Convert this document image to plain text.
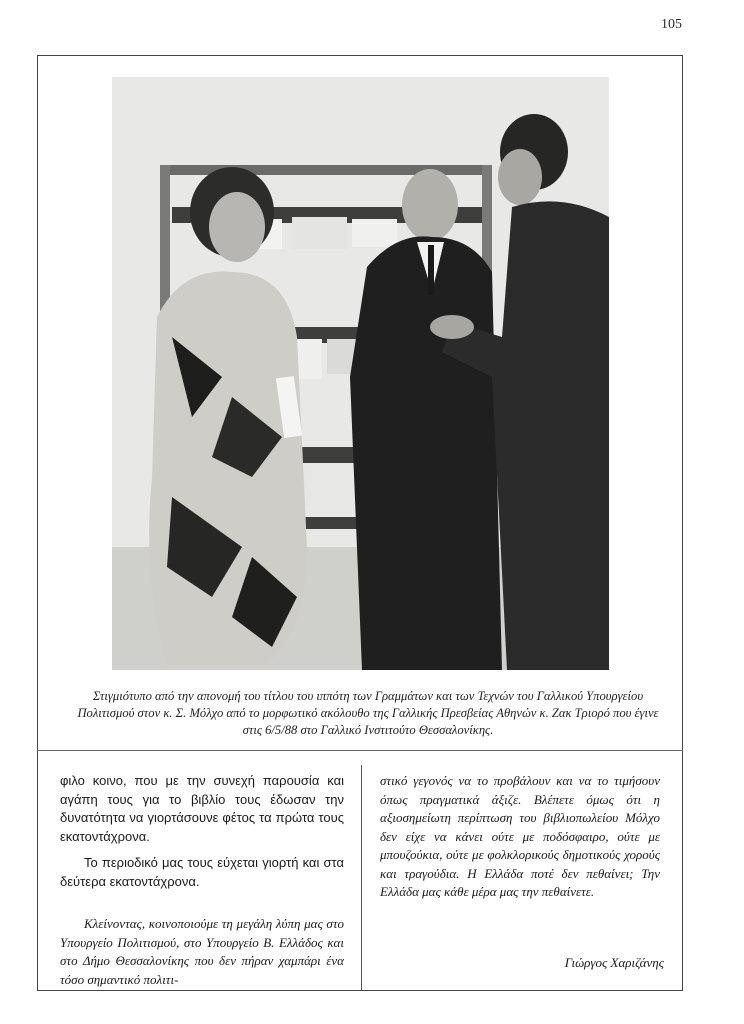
105
Στιγμιότυπο από την απονομή του τίτλου του ιππότη των Γραμμάτων και των Τεχνών του Γαλλικού Υπουργείου Πολιτισμού στον κ. Σ. Μόλχο από το μορφωτικό ακόλουθο της Γαλλικής Πρεσβείας Αθηνών κ. Ζακ Τριορό που έγινε στις 6/5/88 στο Γαλλικό Ινστιτούτο Θεσσαλονίκης.

φιλο κοινο, που με την συνεχή παρουσία και αγάπη τους για το βιβλίο τους έδωσαν την δυνατότητα να γιορτάσουνε φέτος τα πρώτα τους εκατοντάχρονα.

Το περιοδικό μας τους εύχεται γιορτή και στα δεύτερα εκατοντάχρονα.

Κλείνοντας, κοινοποιούμε τη μεγάλη λύπη μας στο Υπουργείο Πολιτισμού, στο Υπουργείο Β. Ελλάδος και στο Δήμο Θεσσαλονίκης που δεν πήραν χαμπάρι ένα τόσο σημαντικό πολιτι-

στικό γεγονός να το προβάλουν και να το τιμήσουν όπως πραγματικά άξιζε. Βλέπετε όμως ότι η αξιοσημείωτη περίπτωση του βιβλιοπωλείου Μόλχο δεν είχε να κάνει ούτε με ποδόσφαιρο, ούτε με μπουζούκια, ούτε με φολκλορικούς δημοτικούς χορούς και τραγούδια. Η Ελλάδα ποτέ δεν πεθαίνει; Την Ελλάδα μας κάθε μέρα μας την πεθαίνετε.

Γιώργος Χαριζάνης
